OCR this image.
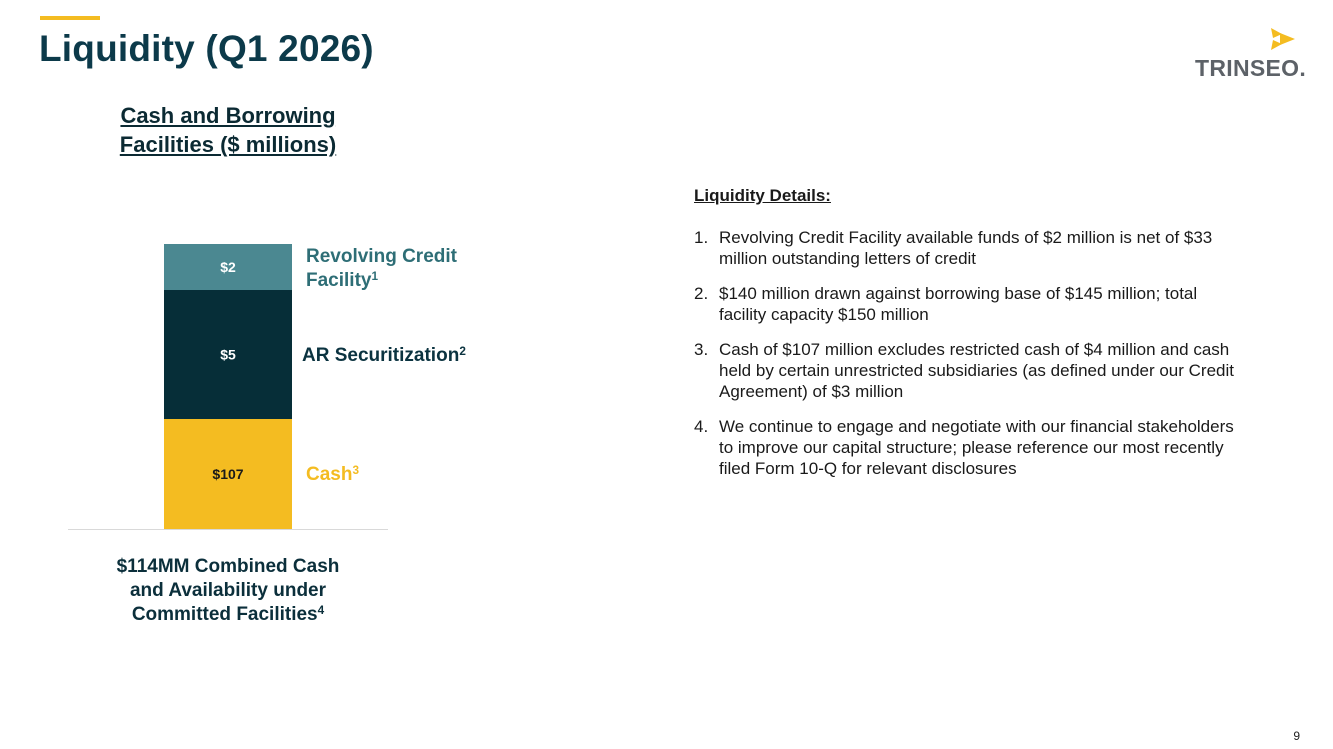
Liquidity (Q1 2026)	TRINSEO.
Cash and Borrowing
Facilities ($ millions)
$107
$5
$2	Revolving Credit
Facility$^1$
AR Securitization$^2$
Cash$^3$
$114MM Combined Cash
and Availability under
Committed Facilities$^4$
Liquidity Details:
1. Revolving Credit Facility available funds of $2 million is net of $33 million outstanding letters of credit
2. $140 million drawn against borrowing base of $145 million; total facility capacity $150 million
3. Cash of $107 million excludes restricted cash of $4 million and cash held by certain unrestricted subsidiaries (as defined under our Credit Agreement) of $3 million
4. We continue to engage and negotiate with our financial stakeholders to improve our capital structure; please reference our most recently filed Form 10-Q for relevant disclosures
9
